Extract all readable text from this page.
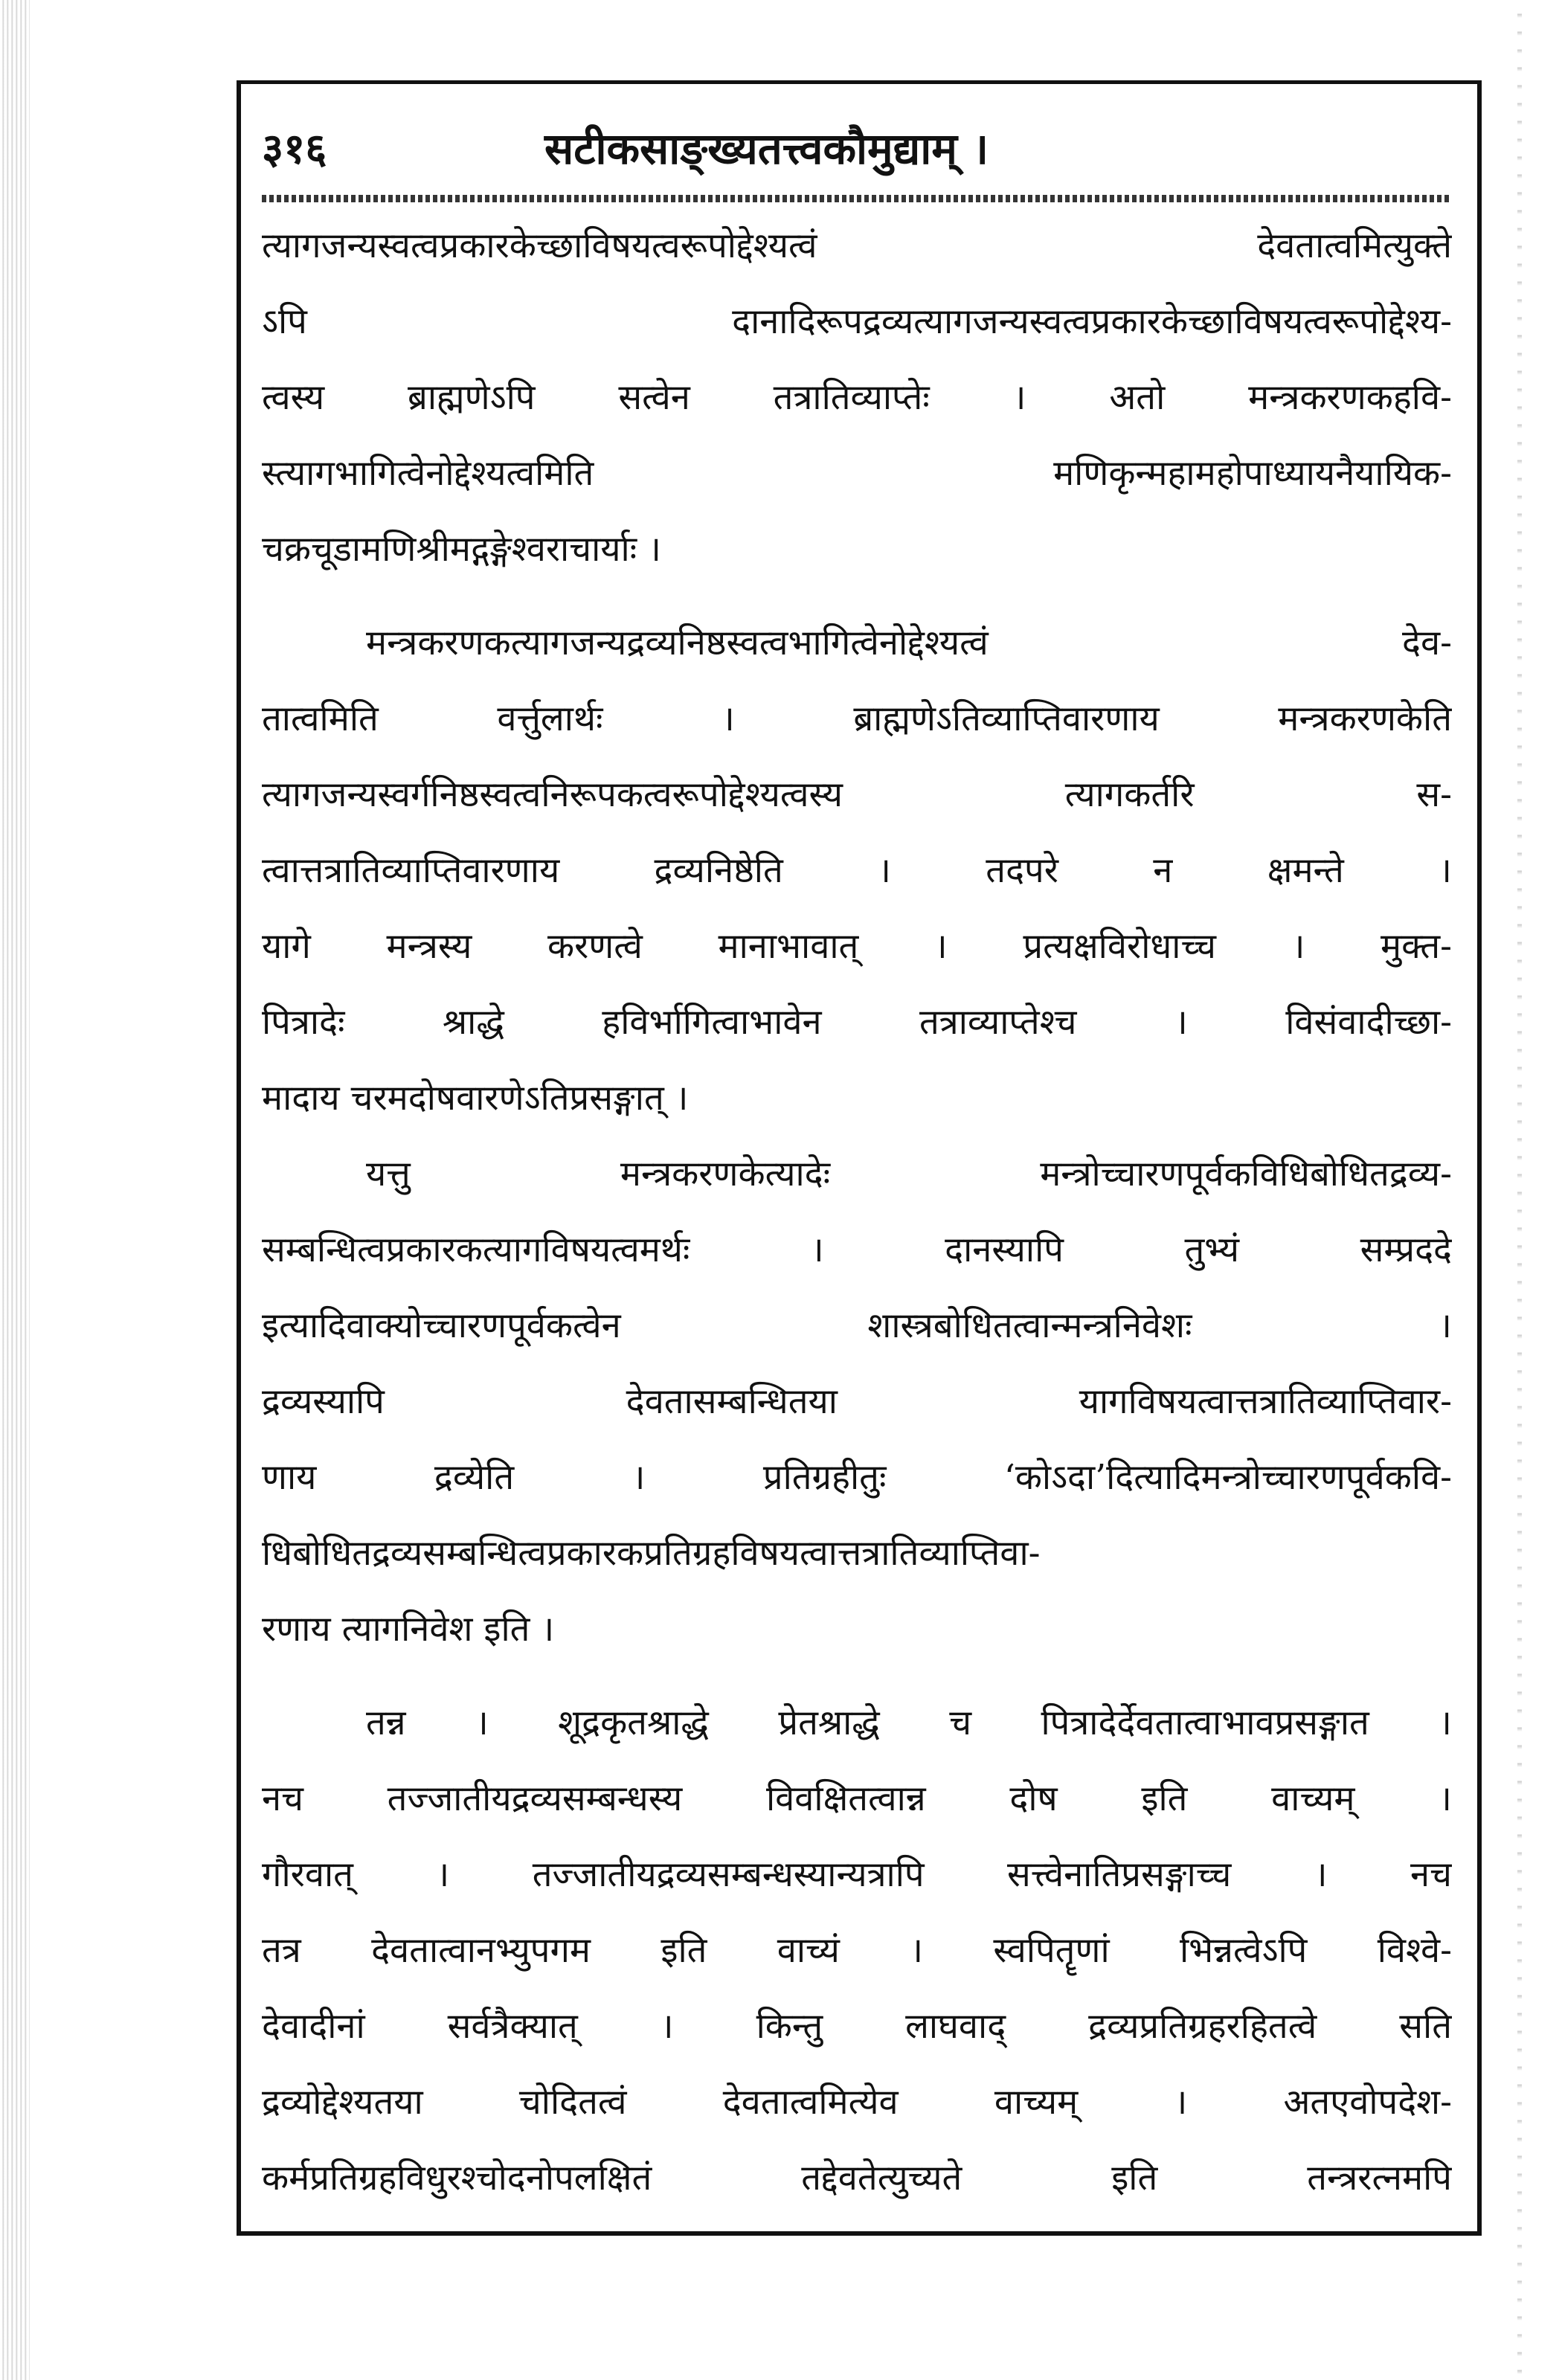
३१६	सटीकसाङ्ख्यतत्त्वकौमुद्याम् ।
त्यागजन्यस्वत्वप्रकारकेच्छाविषयत्वरूपोद्देश्यत्वं देवतात्वमित्युक्ते
ऽपि दानादिरूपद्रव्यत्यागजन्यस्वत्वप्रकारकेच्छाविषयत्वरूपोद्देश्य-
त्वस्य ब्राह्मणेऽपि सत्वेन तत्रातिव्याप्तेः । अतो मन्त्रकरणकहवि-
स्त्यागभागित्वेनोद्देश्यत्वमिति मणिकृन्महामहोपाध्यायनैयायिक-
चक्रचूडामणिश्रीमद्गङ्गेश्वराचार्याः ।
मन्त्रकरणकत्यागजन्यद्रव्यनिष्ठस्वत्वभागित्वेनोद्देश्यत्वं देव-
तात्वमिति वर्त्तुलार्थः । ब्राह्मणेऽतिव्याप्तिवारणाय मन्त्रकरणकेति
त्यागजन्यस्वर्गनिष्ठस्वत्वनिरूपकत्वरूपोद्देश्यत्वस्य त्यागकर्तरि स-
त्वात्तत्रातिव्याप्तिवारणाय द्रव्यनिष्ठेति । तदपरे न क्षमन्ते ।
यागे मन्त्रस्य करणत्वे मानाभावात् । प्रत्यक्षविरोधाच्च । मुक्त-
पित्रादेः श्राद्धे हविर्भागित्वाभावेन तत्राव्याप्तेश्च । विसंवादीच्छा-
मादाय चरमदोषवारणेऽतिप्रसङ्गात् ।
यत्तु मन्त्रकरणकेत्यादेः मन्त्रोच्चारणपूर्वकविधिबोधितद्रव्य-
सम्बन्धित्वप्रकारकत्यागविषयत्वमर्थः । दानस्यापि तुभ्यं सम्प्रददे
इत्यादिवाक्योच्चारणपूर्वकत्वेन शास्त्रबोधितत्वान्मन्त्रनिवेशः ।
द्रव्यस्यापि देवतासम्बन्धितया यागविषयत्वात्तत्रातिव्याप्तिवार-
णाय द्रव्येति । प्रतिग्रहीतुः ‘कोऽदा’दित्यादिमन्त्रोच्चारणपूर्वकवि-
धिबोधितद्रव्यसम्बन्धित्वप्रकारकप्रतिग्रहविषयत्वात्तत्रातिव्याप्तिवा-
रणाय त्यागनिवेश इति ।
तन्न । शूद्रकृतश्राद्धे प्रेतश्राद्धे च पित्रादेर्देवतात्वाभावप्रसङ्गात ।
नच तज्जातीयद्रव्यसम्बन्धस्य विवक्षितत्वान्न दोष इति वाच्यम् ।
गौरवात् । तज्जातीयद्रव्यसम्बन्धस्यान्यत्रापि सत्त्वेनातिप्रसङ्गाच्च । नच
तत्र देवतात्वानभ्युपगम इति वाच्यं । स्वपितॄणां भिन्नत्वेऽपि विश्वे-
देवादीनां सर्वत्रैक्यात् । किन्तु लाघवाद् द्रव्यप्रतिग्रहरहितत्वे सति
द्रव्योद्देश्यतया चोदितत्वं देवतात्वमित्येव वाच्यम् । अतएवोपदेश-
कर्मप्रतिग्रहविधुरश्चोदनोपलक्षितं तद्देवतेत्युच्यते इति तन्त्ररत्नमपि
